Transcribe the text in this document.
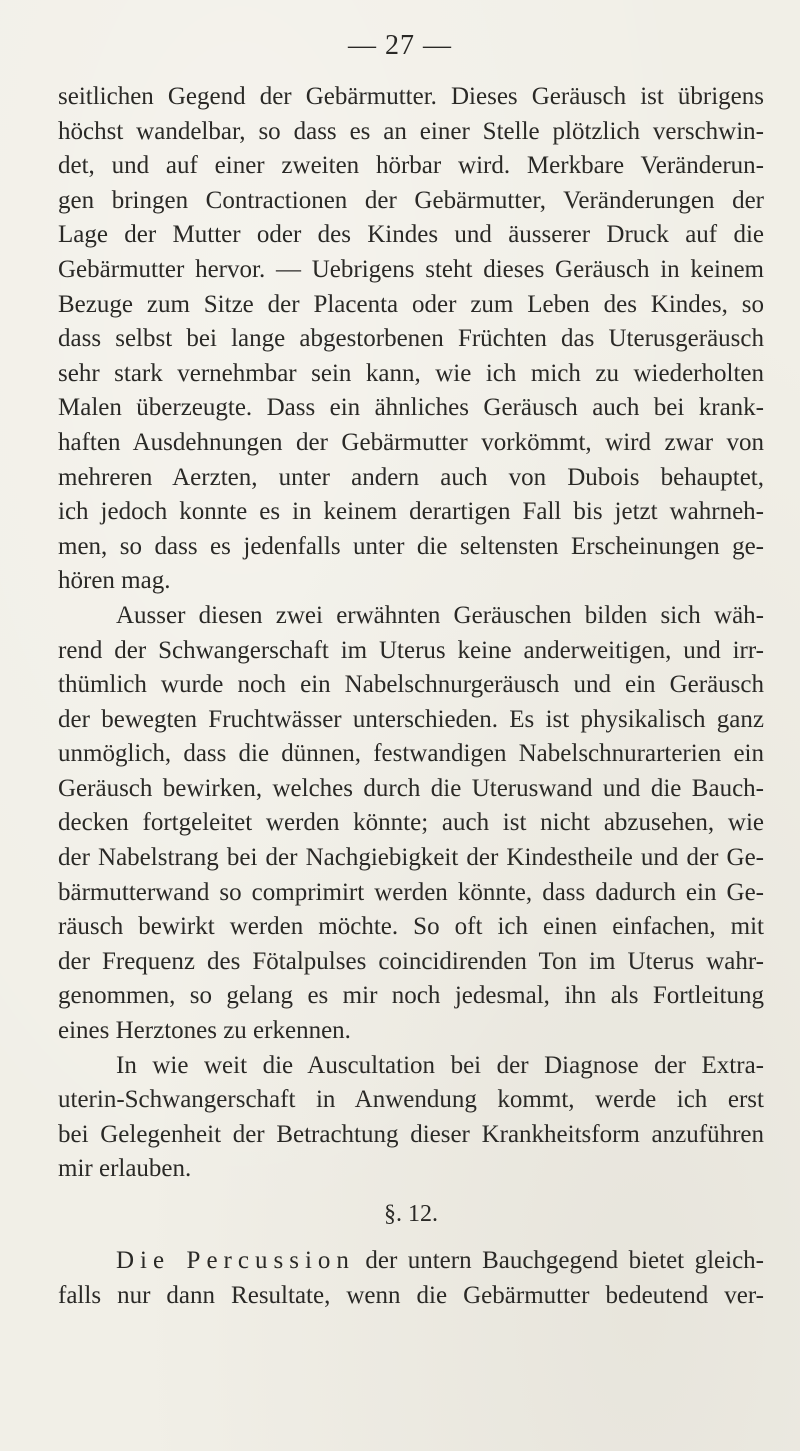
— 27 —
seitlichen Gegend der Gebärmutter. Dieses Geräusch ist übrigens
höchst wandelbar, so dass es an einer Stelle plötzlich verschwin-
det, und auf einer zweiten hörbar wird. Merkbare Veränderun-
gen bringen Contractionen der Gebärmutter, Veränderungen der
Lage der Mutter oder des Kindes und äusserer Druck auf die
Gebärmutter hervor. — Uebrigens steht dieses Geräusch in keinem
Bezuge zum Sitze der Placenta oder zum Leben des Kindes, so
dass selbst bei lange abgestorbenen Früchten das Uterusgeräusch
sehr stark vernehmbar sein kann, wie ich mich zu wiederholten
Malen überzeugte. Dass ein ähnliches Geräusch auch bei krank-
haften Ausdehnungen der Gebärmutter vorkömmt, wird zwar von
mehreren Aerzten, unter andern auch von Dubois behauptet,
ich jedoch konnte es in keinem derartigen Fall bis jetzt wahrneh-
men, so dass es jedenfalls unter die seltensten Erscheinungen ge-
hören mag.
Ausser diesen zwei erwähnten Geräuschen bilden sich wäh-
rend der Schwangerschaft im Uterus keine anderweitigen, und irr-
thümlich wurde noch ein Nabelschnurgeräusch und ein Geräusch
der bewegten Fruchtwässer unterschieden. Es ist physikalisch ganz
unmöglich, dass die dünnen, festwandigen Nabelschnurarterien ein
Geräusch bewirken, welches durch die Uteruswand und die Bauch-
decken fortgeleitet werden könnte; auch ist nicht abzusehen, wie
der Nabelstrang bei der Nachgiebigkeit der Kindestheile und der Ge-
bärmutterwand so comprimirt werden könnte, dass dadurch ein Ge-
räusch bewirkt werden möchte. So oft ich einen einfachen, mit
der Frequenz des Fötalpulses coincidirenden Ton im Uterus wahr-
genommen, so gelang es mir noch jedesmal, ihn als Fortleitung
eines Herztones zu erkennen.
In wie weit die Auscultation bei der Diagnose der Extra-
uterin-Schwangerschaft in Anwendung kommt, werde ich erst
bei Gelegenheit der Betrachtung dieser Krankheitsform anzuführen
mir erlauben.
§. 12.
Die Percussion der untern Bauchgegend bietet gleich-
falls nur dann Resultate, wenn die Gebärmutter bedeutend ver-
